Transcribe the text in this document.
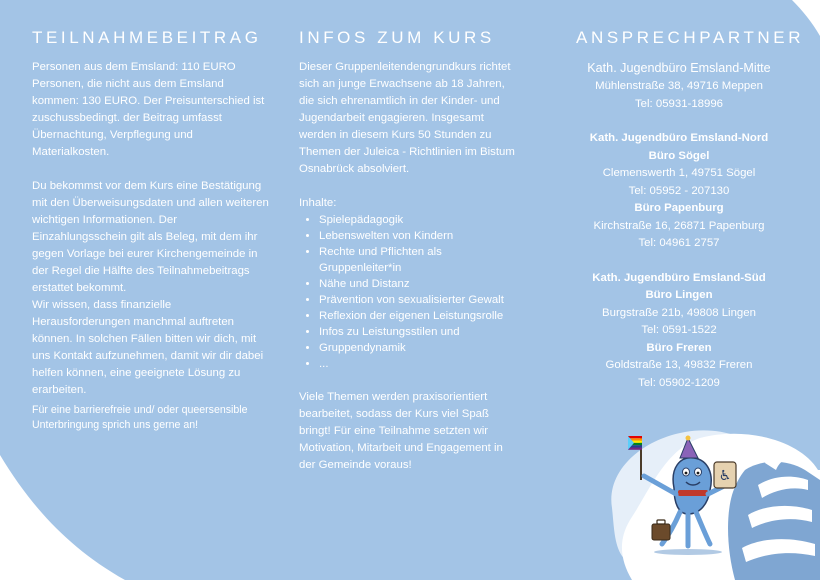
♿
TEILNAHMEBEITRAG

Personen aus dem Emsland: 110 EURO Personen, die nicht aus dem Emsland kommen: 130 EURO. Der Preisunterschied ist zuschussbedingt. der Beitrag umfasst Übernachtung, Verpflegung und Materialkosten.

Du bekommst vor dem Kurs eine Bestätigung mit den Überweisungsdaten und allen weiteren wichtigen Informationen. Der Einzahlungsschein gilt als Beleg, mit dem ihr gegen Vorlage bei eurer Kirchengemeinde in der Regel die Hälfte des Teilnahmebeitrags erstattet bekommt.

Wir wissen, dass finanzielle Herausforderungen manchmal auftreten können. In solchen Fällen bitten wir dich, mit uns Kontakt aufzunehmen, damit wir dir dabei helfen können, eine geeignete Lösung zu erarbeiten.

Für eine barrierefreie und/ oder queersensible Unterbringung sprich uns gerne an!

INFOS ZUM KURS

Dieser Gruppenleitendengrundkurs richtet sich an junge Erwachsene ab 18 Jahren, die sich ehrenamtlich in der Kinder- und Jugendarbeit engagieren. Insgesamt werden in diesem Kurs 50 Stunden zu Themen der Juleica - Richtlinien im Bistum Osnabrück absolviert.

Inhalte:

• Spielepädagogik
• Lebenswelten von Kindern
• Rechte und Pflichten als Gruppenleiter*in
• Nähe und Distanz
• Prävention von sexualisierter Gewalt
• Reflexion der eigenen Leistungsrolle
• Infos zu Leistungsstilen und
• Gruppendynamik
• ...

Viele Themen werden praxisorientiert bearbeitet, sodass der Kurs viel Spaß bringt! Für eine Teilnahme setzten wir Motivation, Mitarbeit und Engagement in der Gemeinde voraus!

ANSPRECHPARTNER
Kath. Jugendbüro Emsland-Mitte
Mühlenstraße 38, 49716 Meppen
Tel: 05931-18996
Kath. Jugendbüro Emsland-Nord
Büro Sögel
Clemenswerth 1, 49751 Sögel
Tel: 05952 - 207130
Büro Papenburg
Kirchstraße 16, 26871 Papenburg
Tel: 04961 2757
Kath. Jugendbüro Emsland-Süd
Büro Lingen
Burgstraße 21b, 49808 Lingen
Tel: 0591-1522
Büro Freren
Goldstraße 13, 49832 Freren
Tel: 05902-1209
